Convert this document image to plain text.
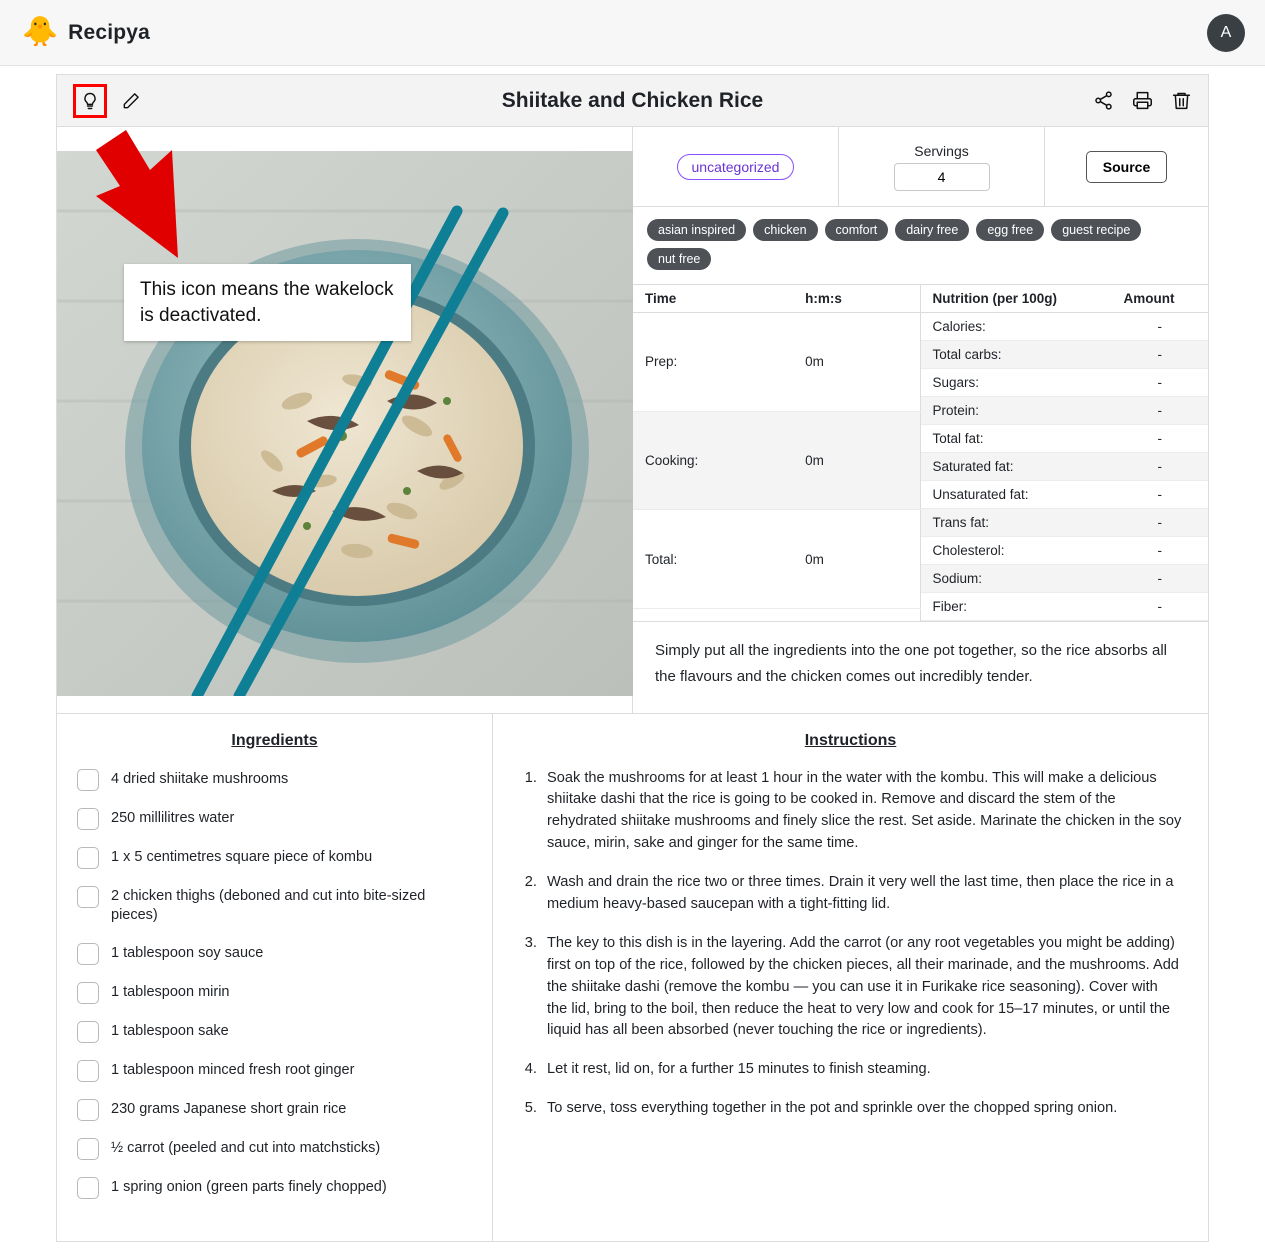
🐥 Recipya	A
Shiitake and Chicken Rice
uncategorized
Servings
4
Source
asian inspired	chicken	comfort	dairy free	egg free	guest recipe
nut free
Time	h:m:s
Prep:	0m
Cooking:	0m
Total:	0m

Nutrition (per 100g)	Amount
Calories:	-
Total carbs:	-
Sugars:	-
Protein:	-
Total fat:	-
Saturated fat:	-
Unsaturated fat:	-
Trans fat:	-
Cholesterol:	-
Sodium:	-
Fiber:	-
Simply put all the ingredients into the one pot together, so the rice absorbs all the flavours and the chicken comes out incredibly tender.
Ingredients
4 dried shiitake mushrooms
250 millilitres water
1 x 5 centimetres square piece of kombu
2 chicken thighs (deboned and cut into bite-sized pieces)
1 tablespoon soy sauce
1 tablespoon mirin
1 tablespoon sake
1 tablespoon minced fresh root ginger
230 grams Japanese short grain rice
½ carrot (peeled and cut into matchsticks)
1 spring onion (green parts finely chopped)
Instructions
1. Soak the mushrooms for at least 1 hour in the water with the kombu. This will make a delicious shiitake dashi that the rice is going to be cooked in. Remove and discard the stem of the rehydrated shiitake mushrooms and finely slice the rest. Set aside. Marinate the chicken in the soy sauce, mirin, sake and ginger for the same time.
2. Wash and drain the rice two or three times. Drain it very well the last time, then place the rice in a medium heavy-based saucepan with a tight-fitting lid.
3. The key to this dish is in the layering. Add the carrot (or any root vegetables you might be adding) first on top of the rice, followed by the chicken pieces, all their marinade, and the mushrooms. Add the shiitake dashi (remove the kombu — you can use it in Furikake rice seasoning). Cover with the lid, bring to the boil, then reduce the heat to very low and cook for 15–17 minutes, or until the liquid has all been absorbed (never touching the rice or ingredients).
4. Let it rest, lid on, for a further 15 minutes to finish steaming.
5. To serve, toss everything together in the pot and sprinkle over the chopped spring onion.
This icon means the wakelock is deactivated.
